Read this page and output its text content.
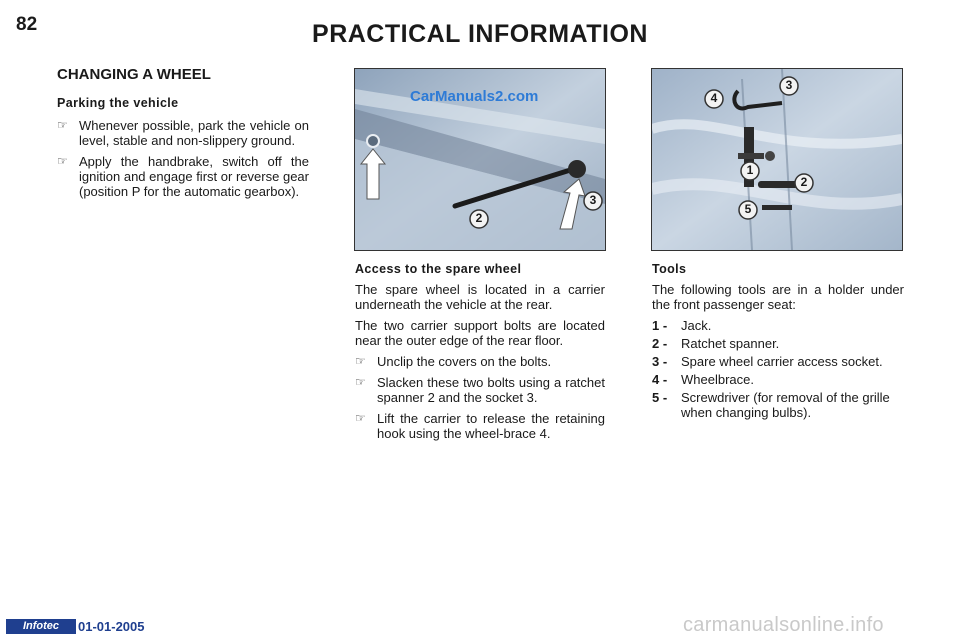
82	PRACTICAL INFORMATION
CHANGING A WHEEL
Parking the vehicle
☞ Whenever possible, park the vehicle on level, stable and non-slippery ground.
☞ Apply the handbrake, switch off the ignition and engage first or reverse gear (position P for the automatic gearbox).
2
3
CarManuals2.com
1
2
3
4
5
Access to the spare wheel
The spare wheel is located in a carrier underneath the vehicle at the rear.
The two carrier support bolts are located near the outer edge of the rear floor.
☞ Unclip the covers on the bolts.
☞ Slacken these two bolts using a ratchet spanner 2 and the socket 3.
☞ Lift the carrier to release the retaining hook using the wheel-brace 4.
Tools
The following tools are in a holder under the front passenger seat:
1 - Jack.
2 - Ratchet spanner.
3 - Spare wheel carrier access socket.
4 - Wheelbrace.
5 - Screwdriver (for removal of the grille when changing bulbs).
Infotec	01-01-2005	carmanualsonline.info
